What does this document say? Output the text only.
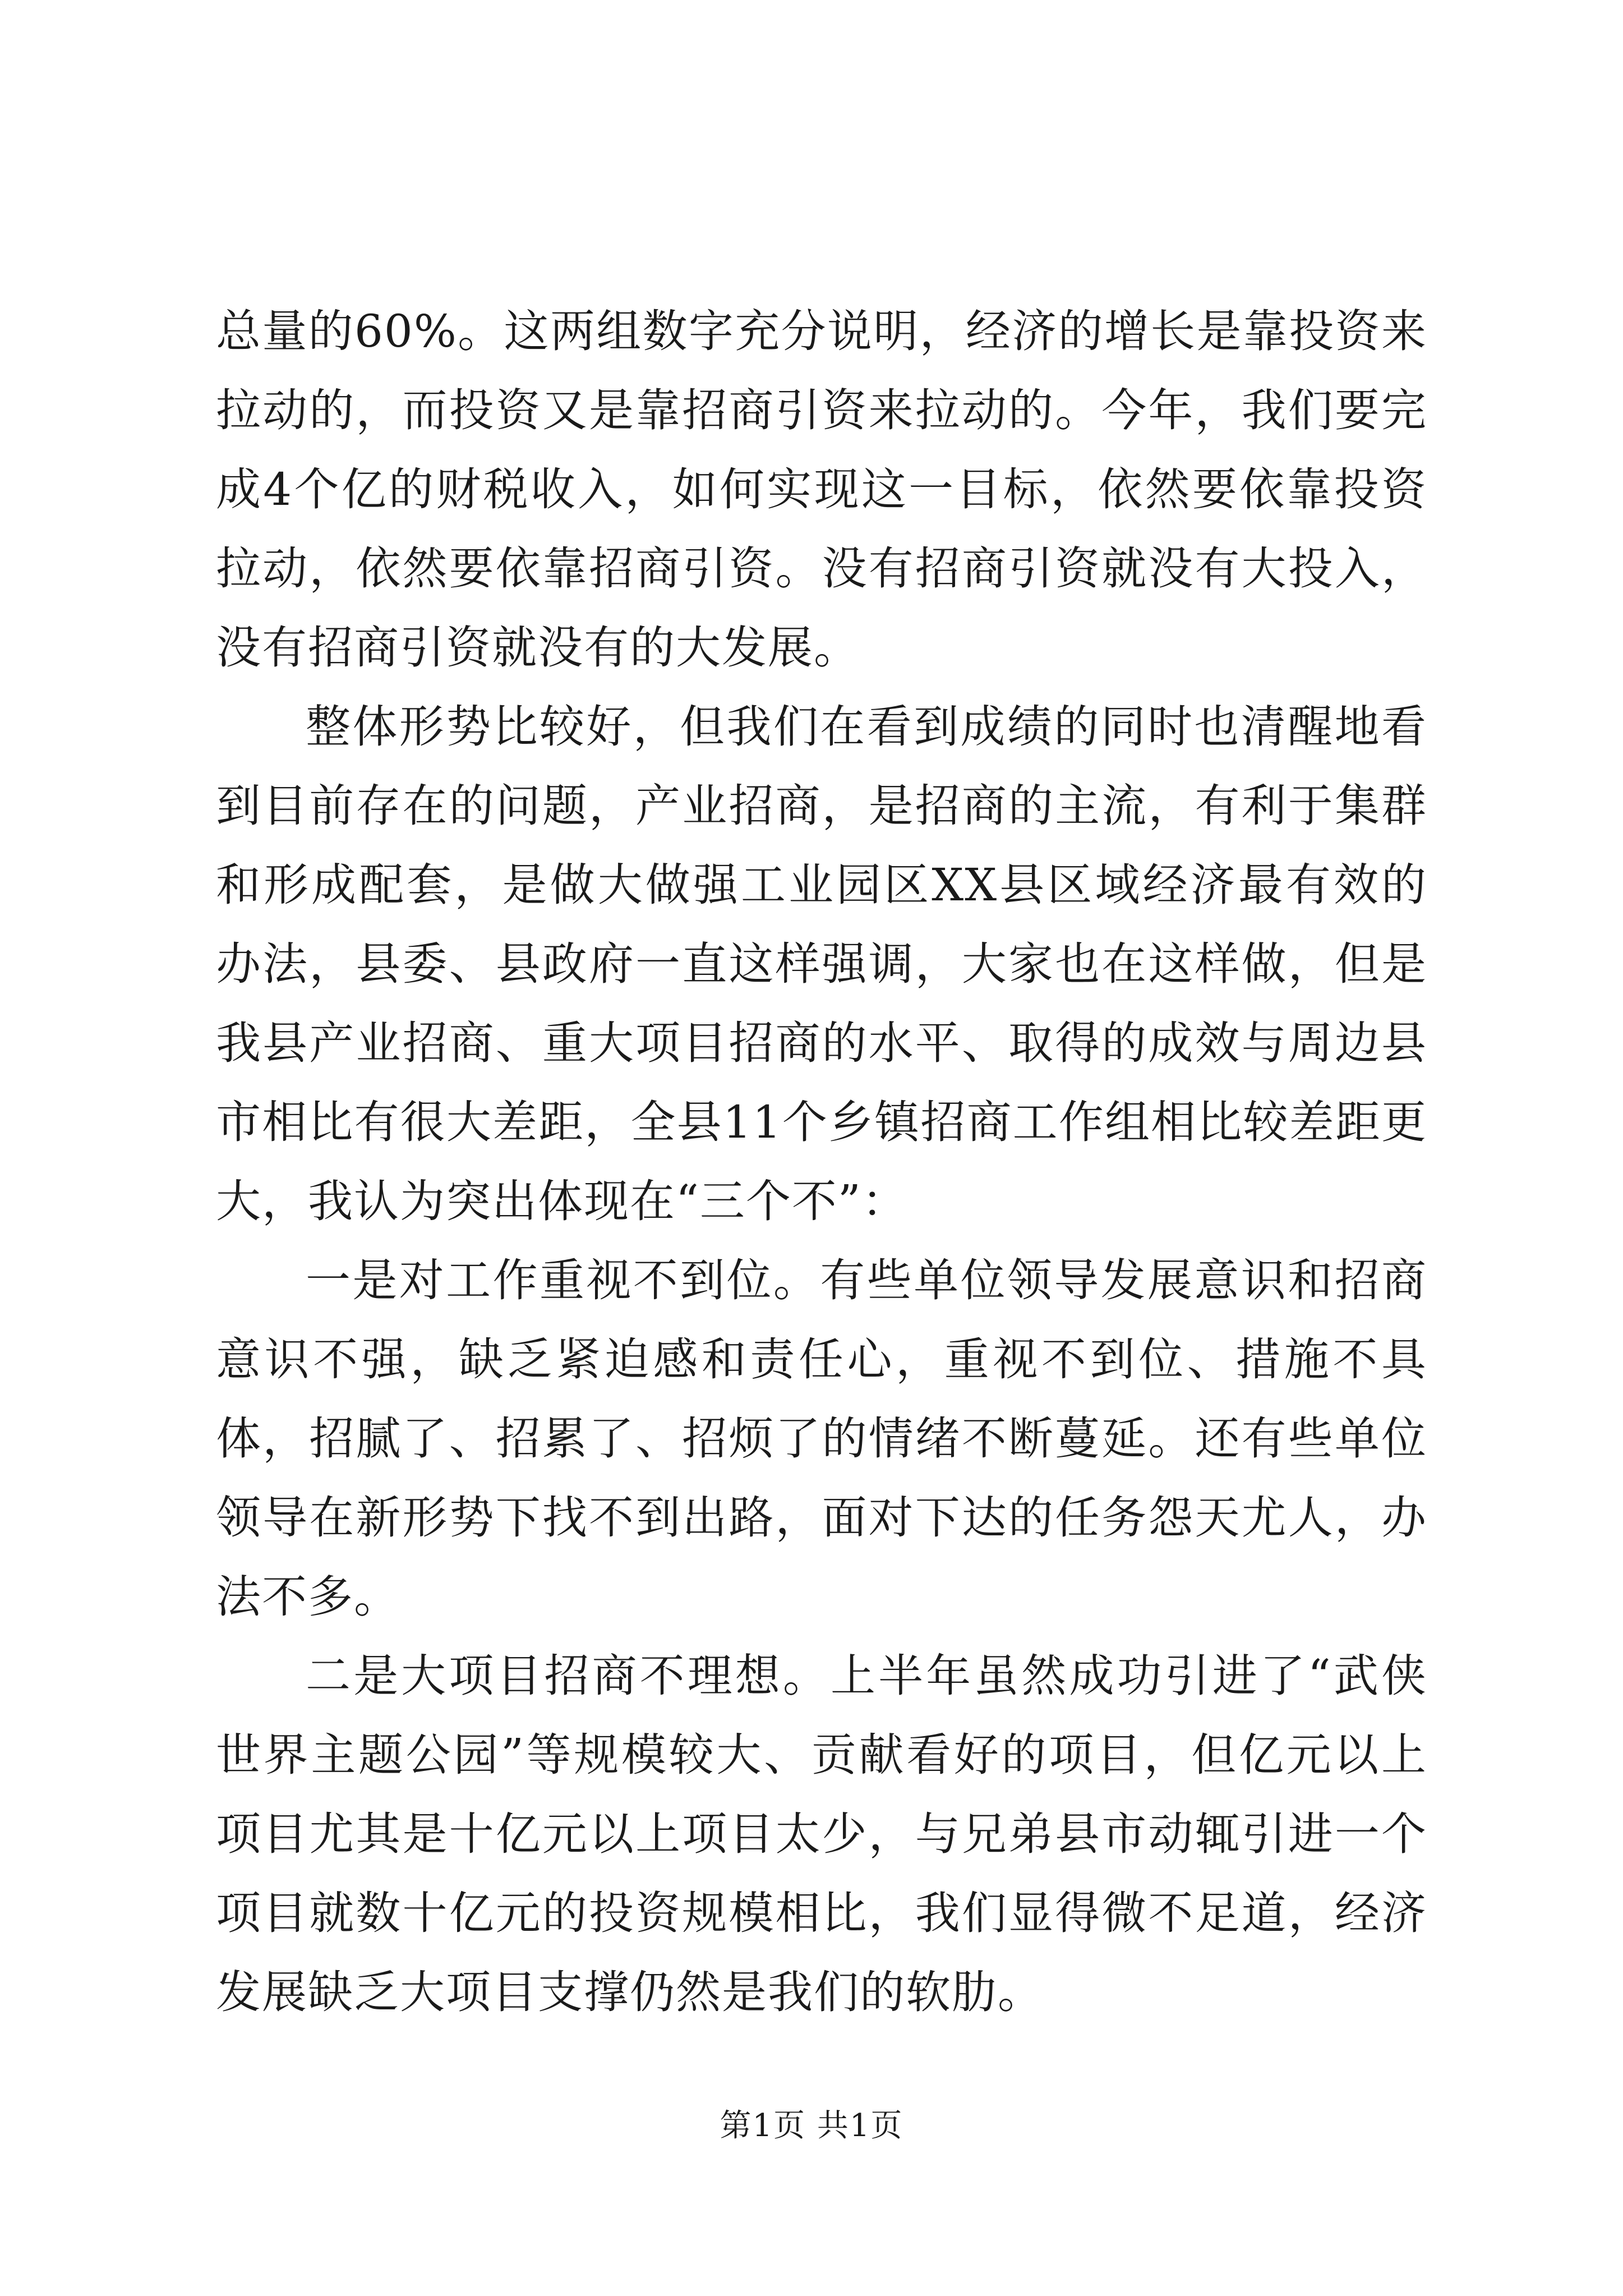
总量的60%。这两组数字充分说明，经济的增长是靠投资来拉动的，而投资又是靠招商引资来拉动的。今年，我们要完成4个亿的财税收入，如何实现这一目标，依然要依靠投资拉动，依然要依靠招商引资。没有招商引资就没有大投入，没有招商引资就没有的大发展。

整体形势比较好，但我们在看到成绩的同时也清醒地看到目前存在的问题，产业招商，是招商的主流，有利于集群和形成配套，是做大做强工业园区XX县区域经济最有效的办法，县委、县政府一直这样强调，大家也在这样做，但是我县产业招商、重大项目招商的水平、取得的成效与周边县市相比有很大差距，全县11个乡镇招商工作组相比较差距更大，我认为突出体现在“三个不”：

一是对工作重视不到位。有些单位领导发展意识和招商意识不强，缺乏紧迫感和责任心，重视不到位、措施不具体，招腻了、招累了、招烦了的情绪不断蔓延。还有些单位领导在新形势下找不到出路，面对下达的任务怨天尤人，办法不多。

二是大项目招商不理想。上半年虽然成功引进了“武侠世界主题公园”等规模较大、贡献看好的项目，但亿元以上项目尤其是十亿元以上项目太少，与兄弟县市动辄引进一个项目就数十亿元的投资规模相比，我们显得微不足道，经济发展缺乏大项目支撑仍然是我们的软肋。

第1页 共1页
